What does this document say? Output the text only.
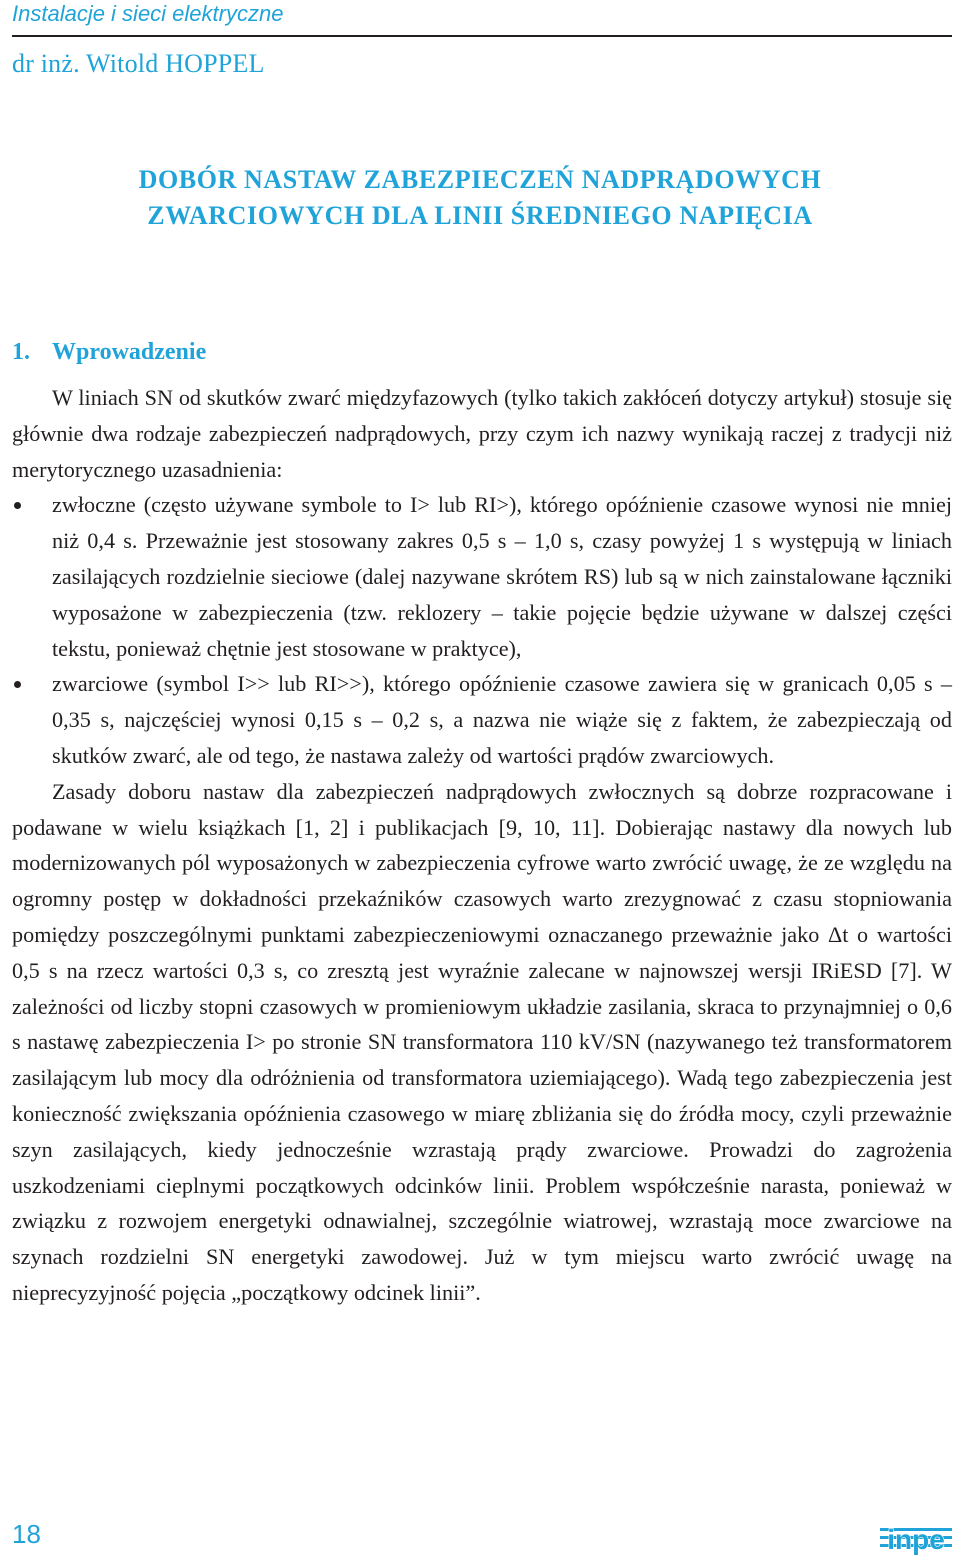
Instalacje i sieci elektryczne

dr inż. Witold HOPPEL

DOBÓR NASTAW ZABEZPIECZEŃ NADPRĄDOWYCH
ZWARCIOWYCH DLA LINII ŚREDNIEGO NAPIĘCIA
1. Wprowadzenie

W liniach SN od skutków zwarć międzyfazowych (tylko takich zakłóceń dotyczy artykuł) stosuje się głównie dwa rodzaje zabezpieczeń nadprądowych, przy czym ich nazwy wynikają raczej z tradycji niż merytorycznego uzasadnienia:

zwłoczne (często używane symbole to I> lub RI>), którego opóźnienie czasowe wynosi nie mniej niż 0,4 s. Przeważnie jest stosowany zakres 0,5 s – 1,0 s, czasy powyżej 1 s występują w liniach zasilających rozdzielnie sieciowe (dalej nazywane skrótem RS) lub są w nich zainstalowane łączniki wyposażone w zabezpieczenia (tzw. reklozery – takie pojęcie będzie używane w dalszej części tekstu, ponieważ chętnie jest stosowane w praktyce),
zwarciowe (symbol I>> lub RI>>), którego opóźnienie czasowe zawiera się w granicach 0,05 s – 0,35 s, najczęściej wynosi 0,15 s – 0,2 s, a nazwa nie wiąże się z faktem, że zabezpieczają od skutków zwarć, ale od tego, że nastawa zależy od wartości prądów zwarciowych.

Zasady doboru nastaw dla zabezpieczeń nadprądowych zwłocznych są dobrze rozpracowane i podawane w wielu książkach [1, 2] i publikacjach [9, 10, 11]. Dobierając nastawy dla nowych lub modernizowanych pól wyposażonych w zabezpieczenia cyfrowe warto zwrócić uwagę, że ze względu na ogromny postęp w dokładności przekaźników czasowych warto zrezygnować z czasu stopniowania pomiędzy poszczególnymi punktami zabezpieczeniowymi oznaczanego przeważnie jako Δt o wartości 0,5 s na rzecz wartości 0,3 s, co zresztą jest wyraźnie zalecane w najnowszej wersji IRiESD [7]. W zależności od liczby stopni czasowych w promieniowym układzie zasilania, skraca to przynajmniej o 0,6 s nastawę zabezpieczenia I> po stronie SN transformatora 110 kV/SN (nazywanego też transformatorem zasilającym lub mocy dla odróżnienia od transformatora uziemiającego). Wadą tego zabezpieczenia jest konieczność zwiększania opóźnienia czasowego w miarę zbliżania się do źródła mocy, czyli przeważnie szyn zasilających, kiedy jednocześnie wzrastają prądy zwarciowe. Prowadzi do zagrożenia uszkodzeniami cieplnymi początkowych odcinków linii. Problem współcześnie narasta, ponieważ w związku z rozwojem energetyki odnawialnej, szczególnie wiatrowej, wzrastają moce zwarciowe na szynach rozdzielni SN energetyki zawodowej. Już w tym miejscu warto zwrócić uwagę na nieprecyzyjność pojęcia „początkowy odcinek linii”.

18	inpe
